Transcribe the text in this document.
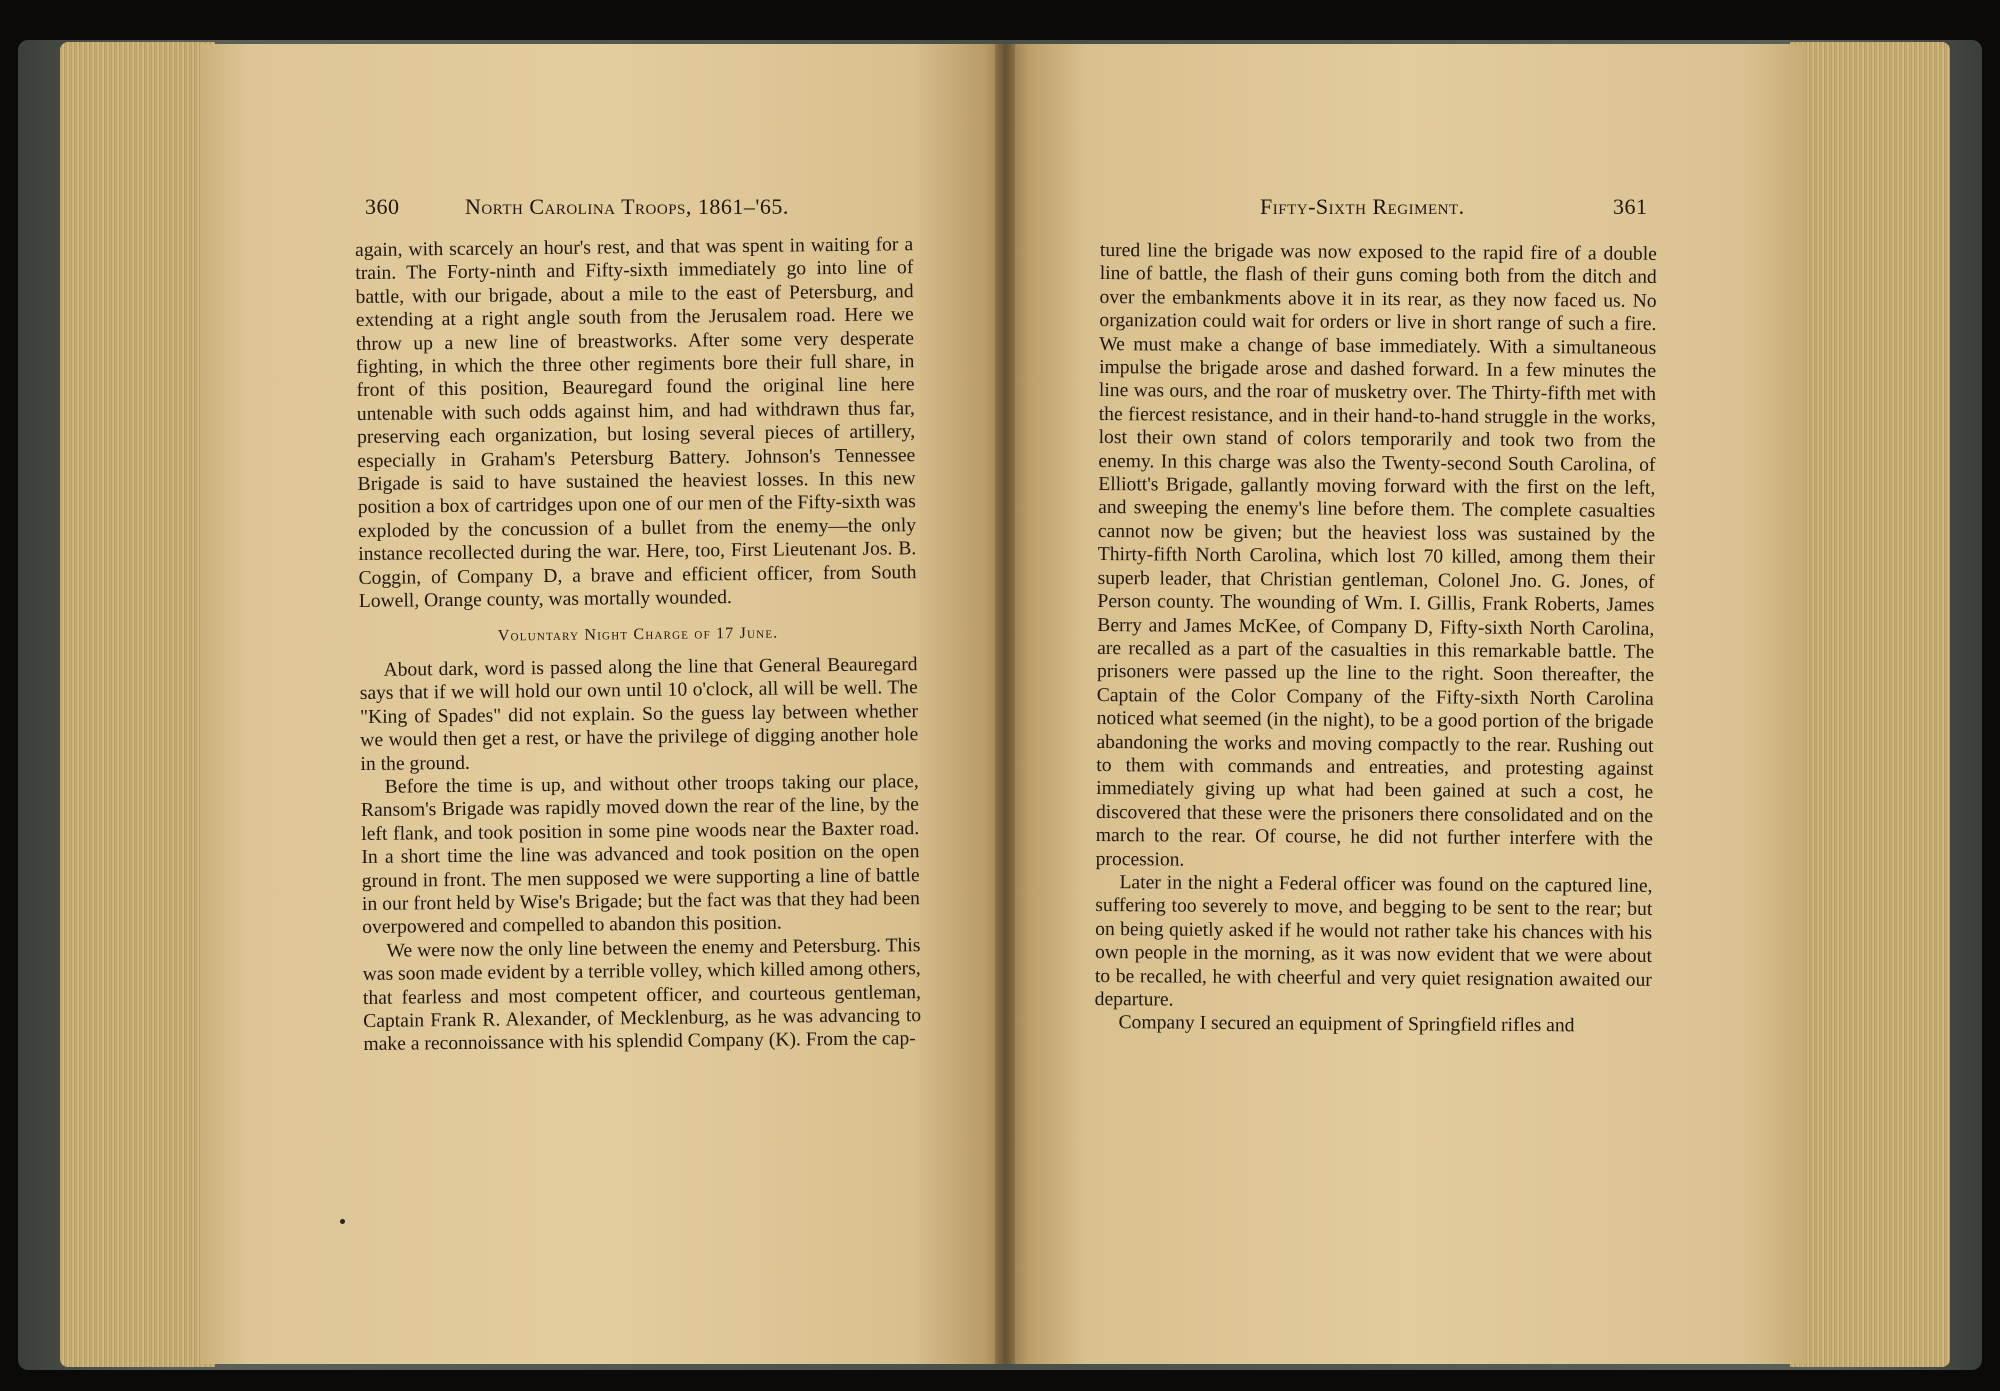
360	North Carolina Troops, 1861–'65.

again, with scarcely an hour's rest, and that was spent in waiting for a train. The Forty-ninth and Fifty-sixth immediately go into line of battle, with our brigade, about a mile to the east of Petersburg, and extending at a right angle south from the Jerusalem road. Here we throw up a new line of breastworks. After some very desperate fighting, in which the three other regiments bore their full share, in front of this position, Beauregard found the original line here untenable with such odds against him, and had withdrawn thus far, preserving each organization, but losing several pieces of artillery, especially in Graham's Petersburg Battery. Johnson's Tennessee Brigade is said to have sustained the heaviest losses. In this new position a box of cartridges upon one of our men of the Fifty-sixth was exploded by the concussion of a bullet from the enemy—the only instance recollected during the war. Here, too, First Lieutenant Jos. B. Coggin, of Company D, a brave and efficient officer, from South Lowell, Orange county, was mortally wounded.

Voluntary Night Charge of 17 June.

About dark, word is passed along the line that General Beauregard says that if we will hold our own until 10 o'clock, all will be well. The "King of Spades" did not explain. So the guess lay between whether we would then get a rest, or have the privilege of digging another hole in the ground.

Before the time is up, and without other troops taking our place, Ransom's Brigade was rapidly moved down the rear of the line, by the left flank, and took position in some pine woods near the Baxter road. In a short time the line was advanced and took position on the open ground in front. The men supposed we were supporting a line of battle in our front held by Wise's Brigade; but the fact was that they had been overpowered and compelled to abandon this position.

We were now the only line between the enemy and Petersburg. This was soon made evident by a terrible volley, which killed among others, that fearless and most competent officer, and courteous gentleman, Captain Frank R. Alexander, of Mecklenburg, as he was advancing to make a reconnoissance with his splendid Company (K). From the cap-

Fifty-Sixth Regiment.	361

tured line the brigade was now exposed to the rapid fire of a double line of battle, the flash of their guns coming both from the ditch and over the embankments above it in its rear, as they now faced us. No organization could wait for orders or live in short range of such a fire. We must make a change of base immediately. With a simultaneous impulse the brigade arose and dashed forward. In a few minutes the line was ours, and the roar of musketry over. The Thirty-fifth met with the fiercest resistance, and in their hand-to-hand struggle in the works, lost their own stand of colors temporarily and took two from the enemy. In this charge was also the Twenty-second South Carolina, of Elliott's Brigade, gallantly moving forward with the first on the left, and sweeping the enemy's line before them. The complete casualties cannot now be given; but the heaviest loss was sustained by the Thirty-fifth North Carolina, which lost 70 killed, among them their superb leader, that Christian gentleman, Colonel Jno. G. Jones, of Person county. The wounding of Wm. I. Gillis, Frank Roberts, James Berry and James McKee, of Company D, Fifty-sixth North Carolina, are recalled as a part of the casualties in this remarkable battle. The prisoners were passed up the line to the right. Soon thereafter, the Captain of the Color Company of the Fifty-sixth North Carolina noticed what seemed (in the night), to be a good portion of the brigade abandoning the works and moving compactly to the rear. Rushing out to them with commands and entreaties, and protesting against immediately giving up what had been gained at such a cost, he discovered that these were the prisoners there consolidated and on the march to the rear. Of course, he did not further interfere with the procession.

Later in the night a Federal officer was found on the captured line, suffering too severely to move, and begging to be sent to the rear; but on being quietly asked if he would not rather take his chances with his own people in the morning, as it was now evident that we were about to be recalled, he with cheerful and very quiet resignation awaited our departure.

Company I secured an equipment of Springfield rifles and
